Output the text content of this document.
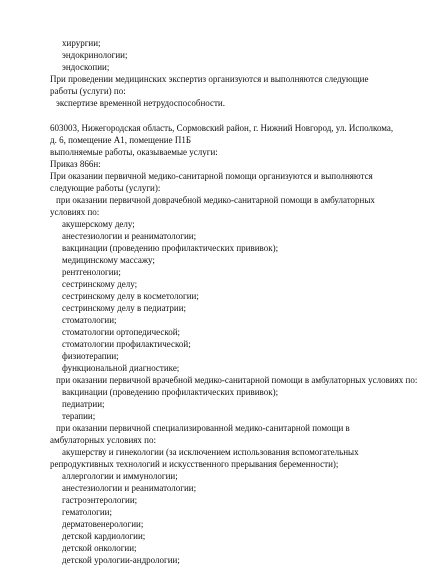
хирургии;
эндокринологии;
эндоскопии;
При проведении медицинских экспертиз организуются и выполняются следующие работы (услуги) по:
экспертизе временной нетрудоспособности.
603003, Нижегородская область, Сормовский район, г. Нижний Новгород, ул. Исполкома, д. 6, помещение А1, помещение П1Б
выполняемые работы, оказываемые услуги:
Приказ 866н:
При оказании первичной медико-санитарной помощи организуются и выполняются следующие работы (услуги):
при оказании первичной доврачебной медико-санитарной помощи в амбулаторных условиях по:
акушерскому делу;
анестезиологии и реаниматологии;
вакцинации (проведению профилактических прививок);
медицинскому массажу;
рентгенологии;
сестринскому делу;
сестринскому делу в косметологии;
сестринскому делу в педиатрии;
стоматологии;
стоматологии ортопедической;
стоматологии профилактической;
физиотерапии;
функциональной диагностике;
при оказании первичной врачебной медико-санитарной помощи в амбулаторных условиях по:
вакцинации (проведению профилактических прививок);
педиатрии;
терапии;
при оказании первичной специализированной медико-санитарной помощи в амбулаторных условиях по:
акушерству и гинекологии (за исключением использования вспомогательных репродуктивных технологий и искусственного прерывания беременности);
аллергологии и иммунологии;
анестезиологии и реаниматологии;
гастроэнтерологии;
гематологии;
дерматовенерологии;
детской кардиологии;
детской онкологии;
детской урологии-андрологии;
